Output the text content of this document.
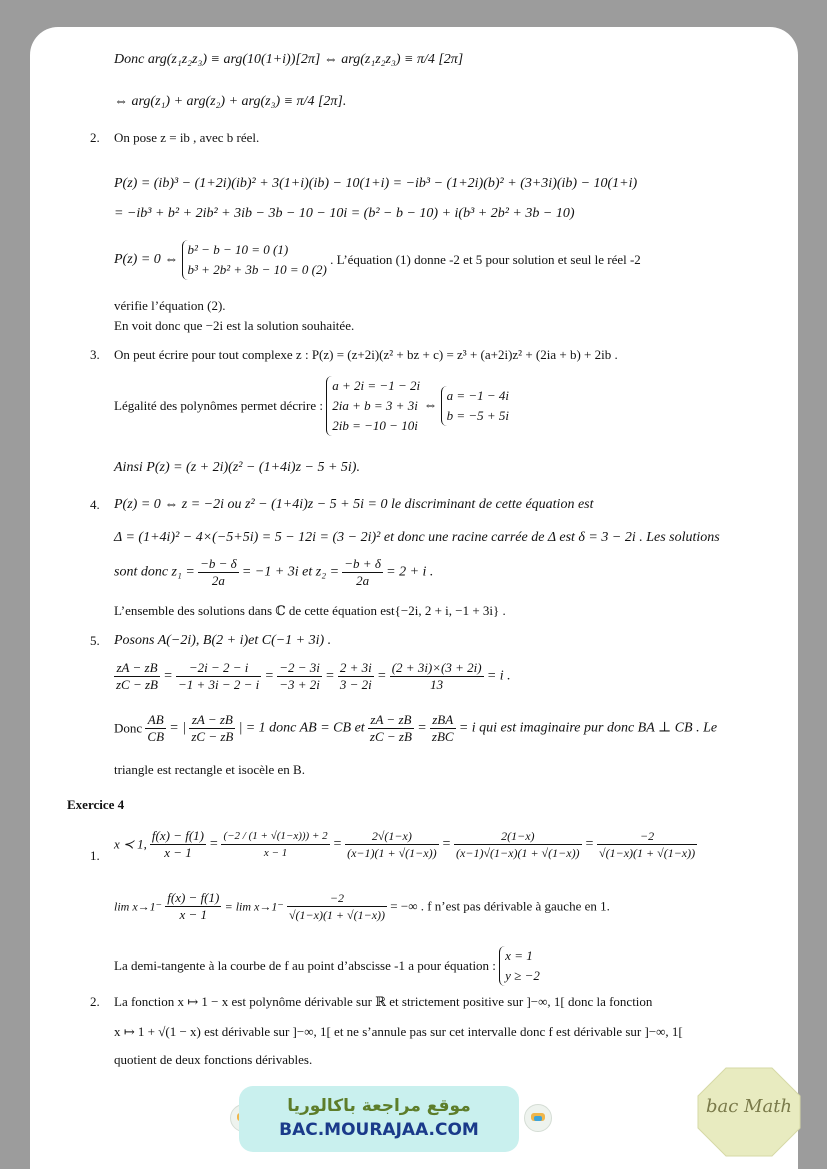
Donc arg(z₁z₂z₃) ≡ arg(10(1+i))[2π] ⇔ arg(z₁z₂z₃) ≡ π/4 [2π]
⇔ arg(z₁) + arg(z₂) + arg(z₃) ≡ π/4 [2π].
2. On pose z = ib , avec b réel.
P(z) = (ib)³ − (1+2i)(ib)² + 3(1+i)(ib) − 10(1+i) = −ib³ − (1+2i)(b)² + (3+3i)(ib) − 10(1+i)
= −ib³ + b² + 2ib² + 3ib − 3b − 10 − 10i = (b² − b − 10) + i(b³ + 2b² + 3b − 10)
P(z) = 0 ⇔
b² − b − 10 = 0 (1)
b³ + 2b² + 3b − 10 = 0 (2)
. L’équation (1) donne -2 et 5 pour solution et seul le réel -2
vérifie l’équation (2).
En voit donc que −2i est la solution souhaitée.
3. On peut écrire pour tout complexe z : P(z) = (z+2i)(z² + bz + c) = z³ + (a+2i)z² + (2ia + b) + 2ib .
Légalité des polynômes permet décrire :
a + 2i = −1 − 2i
2ia + b = 3 + 3i
2ib = −10 − 10i
⇔
a = −1 − 4i
b = −5 + 5i
Ainsi P(z) = (z + 2i)(z² − (1+4i)z − 5 + 5i).
4. P(z) = 0 ⇔ z = −2i ou z² − (1+4i)z − 5 + 5i = 0 le discriminant de cette équation est
Δ = (1+4i)² − 4×(−5+5i) = 5 − 12i = (3 − 2i)² et donc une racine carrée de Δ est δ = 3 − 2i . Les solutions
sont donc $z_1 = \frac{-b - \delta}{2a} = -1 + 3i$ et $z_2 = \frac{-b + \delta}{2a} = 2 + i$ .
L’ensemble des solutions dans ℂ de cette équation est{−2i, 2 + i, −1 + 3i} .
5. Posons A(−2i), B(2 + i)et C(−1 + 3i) .
$\frac{zA - zB}{zC - zB} = \frac{-2i - 2 - i}{-1 + 3i - 2 - i} = \frac{-2 - 3i}{-3 + 2i} = \frac{2 + 3i}{3 - 2i} = \frac{(2 + 3i)\times(3 + 2i)}{13} = i$ .
Donc $\frac{AB}{CB}$ = | $\frac{zA - zB}{zC - zB}$ | = 1 donc AB = CB et $\frac{zA - zB}{zC - zB} = \frac{\text{zBA}}{\text{zBC}} = i$ qui est imaginaire pur donc BA ⊥ CB . Le
triangle est rectangle et isocèle en B.
Exercice 4
1.
x ≺ 1, $\frac{f(x) - f(1)}{x - 1} = \frac{(-2 / (1 + √(1-x))) + 2}{x - 1} = \frac{2√(1-x)}{(x-1)(1 + √(1-x))} = \frac{2(1-x)}{(x-1)√(1-x)(1 + √(1-x))} = \frac{-2}{√(1-x)(1 + √(1-x))}$
$\lim x\to 1^- \frac{f(x) - f(1)}{x - 1} = \lim x\to 1^- \frac{-2}{√(1-x)(1 + √(1-x))}$ = −∞ . f n’est pas dérivable à gauche en 1.
La demi-tangente à la courbe de f au point d’abscisse -1 a pour équation :
x = 1
y ≥ −2
2. La fonction x ↦ 1 − x est polynôme dérivable sur ℝ et strictement positive sur ]−∞, 1[ donc la fonction
x ↦ 1 + √(1 − x) est dérivable sur ]−∞, 1[ et ne s’annule pas sur cet intervalle donc f est dérivable sur ]−∞, 1[
quotient de deux fonctions dérivables.
موقع مراجعة باكالوريا
BAC.MOURAJAA.COM
bac Math
